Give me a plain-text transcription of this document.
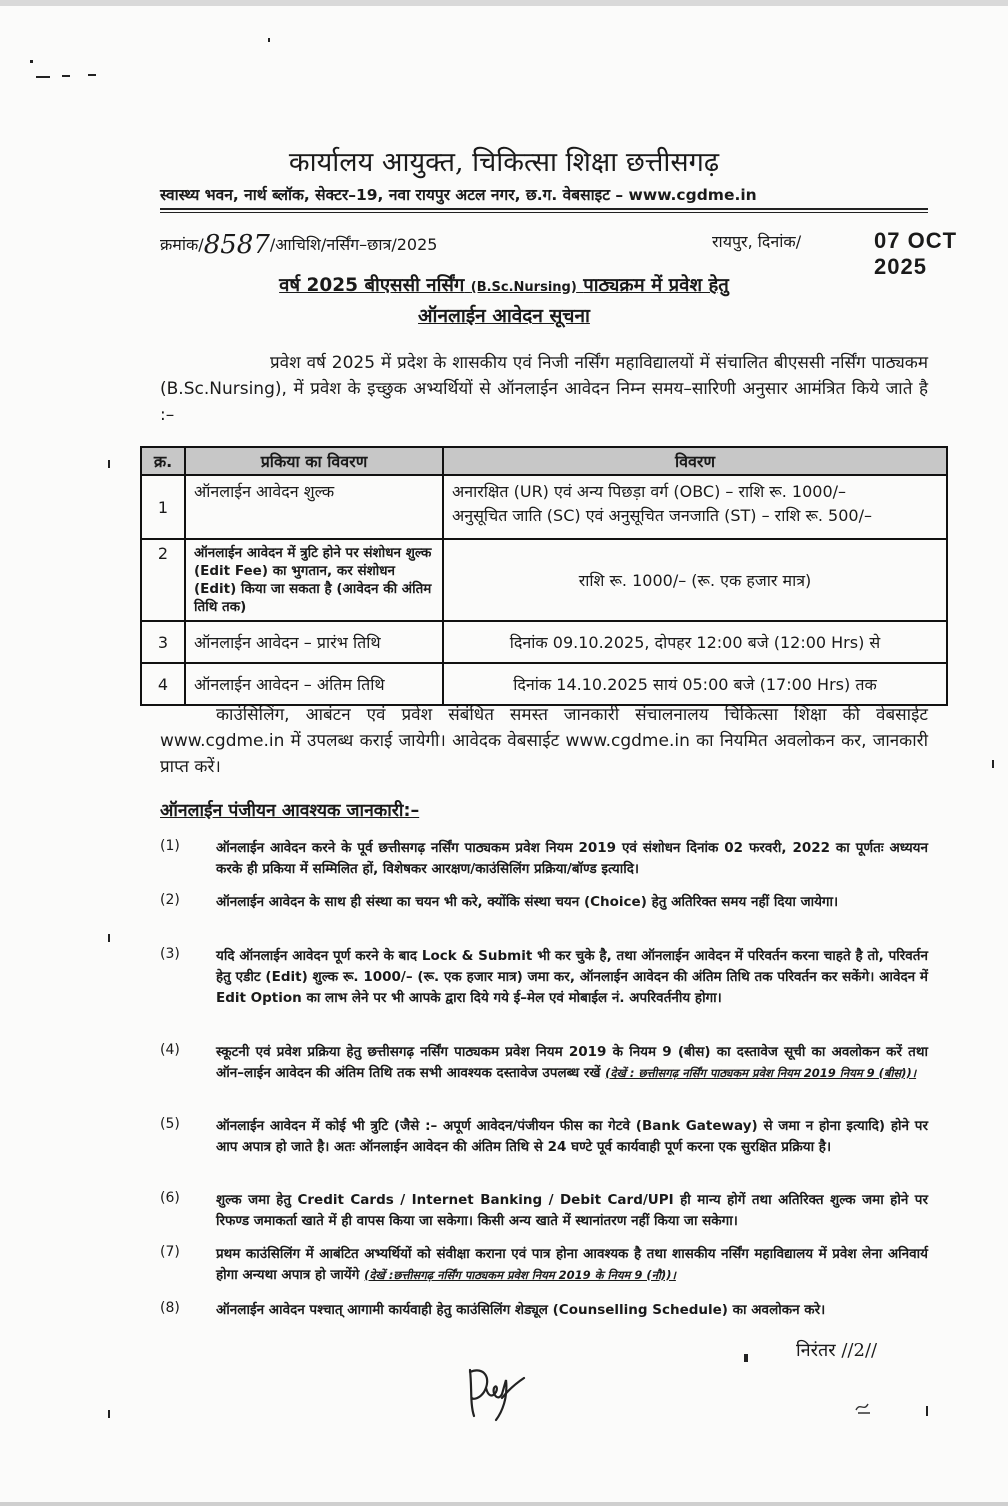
कार्यालय आयुक्त, चिकित्सा शिक्षा छत्तीसगढ़
स्वास्थ्य भवन, नार्थ ब्लॉक, सेक्टर–19, नवा रायपुर अटल नगर, छ.ग. वेबसाइट – www.cgdme.in
क्रमांक/8587/आचिशि/नर्सिंग–छात्र/2025	रायपुर, दिनांक/	07 OCT 2025
वर्ष 2025 बीएससी नर्सिंग (B.Sc.Nursing) पाठ्यक्रम में प्रवेश हेतु
ऑनलाईन आवेदन सूचना
प्रवेश वर्ष 2025 में प्रदेश के शासकीय एवं निजी नर्सिंग महाविद्यालयों में संचालित बीएससी नर्सिंग पाठ्यकम (B.Sc.Nursing), में प्रवेश के इच्छुक अभ्यर्थियों से ऑनलाईन आवेदन निम्न समय–सारिणी अनुसार आमंत्रित किये जाते है :–
क्र.	प्रकिया का विवरण	विवरण
1	ऑनलाईन आवेदन शुल्क	अनारक्षित (UR) एवं अन्य पिछड़ा वर्ग (OBC) – राशि रू. 1000/–
अनुसूचित जाति (SC) एवं अनुसूचित जनजाति (ST) – राशि रू. 500/–

2	ऑनलाईन आवेदन में त्रुटि होने पर संशोधन शुल्क (Edit Fee) का भुगतान, कर संशोधन (Edit) किया जा सकता है (आवेदन की अंतिम तिथि तक)	राशि रू. 1000/– (रू. एक हजार मात्र)
3	ऑनलाईन आवेदन – प्रारंभ तिथि	दिनांक 09.10.2025, दोपहर 12:00 बजे (12:00 Hrs) से
4	ऑनलाईन आवेदन – अंतिम तिथि	दिनांक 14.10.2025 सायं 05:00 बजे (17:00 Hrs) तक
काउंसिलिंग, आबंटन एवं प्रवेश संबंधित समस्त जानकारी संचालनालय चिकित्सा शिक्षा की वेबसाईट www.cgdme.in में उपलब्ध कराई जायेगी। आवेदक वेबसाईट www.cgdme.in का नियमित अवलोकन कर, जानकारी प्राप्त करें।
ऑनलाईन पंजीयन आवश्यक जानकारी:–
(1)	ऑनलाईन आवेदन करने के पूर्व छत्तीसगढ़ नर्सिंग पाठ्यकम प्रवेश नियम 2019 एवं संशोधन दिनांक 02 फरवरी, 2022 का पूर्णतः अध्ययन करके ही प्रकिया में सम्मिलित हों, विशेषकर आरक्षण/काउंसिलिंग प्रक्रिया/बॉण्ड इत्यादि।
(2)	ऑनलाईन आवेदन के साथ ही संस्था का चयन भी करे, क्योंकि संस्था चयन (Choice) हेतु अतिरिक्त समय नहीं दिया जायेगा।
(3)	यदि ऑनलाईन आवेदन पूर्ण करने के बाद Lock & Submit भी कर चुके है, तथा ऑनलाईन आवेदन में परिवर्तन करना चाहते है तो, परिवर्तन हेतु एडीट (Edit) शुल्क रू. 1000/– (रू. एक हजार मात्र) जमा कर, ऑनलाईन आवेदन की अंतिम तिथि तक परिवर्तन कर सकेंगे। आवेदन में Edit Option का लाभ लेने पर भी आपके द्वारा दिये गये ई–मेल एवं मोबाईल नं. अपरिवर्तनीय होगा।
(4)	स्कूटनी एवं प्रवेश प्रक्रिया हेतु छत्तीसगढ़ नर्सिंग पाठ्यकम प्रवेश नियम 2019 के नियम 9 (बीस) का दस्तावेज सूची का अवलोकन करें तथा ऑन–लाईन आवेदन की अंतिम तिथि तक सभी आवश्यक दस्तावेज उपलब्ध रखें (देखें : छत्तीसगढ़ नर्सिंग पाठ्यकम प्रवेश नियम 2019 नियम 9 (बीस))।
(5)	ऑनलाईन आवेदन में कोई भी त्रुटि (जैसे :– अपूर्ण आवेदन/पंजीयन फीस का गेटवे (Bank Gateway) से जमा न होना इत्यादि) होने पर आप अपात्र हो जाते है। अतः ऑनलाईन आवेदन की अंतिम तिथि से 24 घण्टे पूर्व कार्यवाही पूर्ण करना एक सुरक्षित प्रक्रिया है।
(6)	शुल्क जमा हेतु Credit Cards / Internet Banking / Debit Card/UPI ही मान्य होगें तथा अतिरिक्त शुल्क जमा होने पर रिफण्ड जमाकर्ता खाते में ही वापस किया जा सकेगा। किसी अन्य खाते में स्थानांतरण नहीं किया जा सकेगा।
(7)	प्रथम काउंसिलिंग में आबंटित अभ्यर्थियों को संवीक्षा कराना एवं पात्र होना आवश्यक है तथा शासकीय नर्सिंग महाविद्यालय में प्रवेश लेना अनिवार्य होगा अन्यथा अपात्र हो जायेंगे (देखें :छत्तीसगढ़ नर्सिंग पाठ्यकम प्रवेश नियम 2019 के नियम 9 (नौ))।
(8)	ऑनलाईन आवेदन पश्चात् आगामी कार्यवाही हेतु काउंसिलिंग शेड्यूल (Counselling Schedule) का अवलोकन करे।
निरंतर //2//
